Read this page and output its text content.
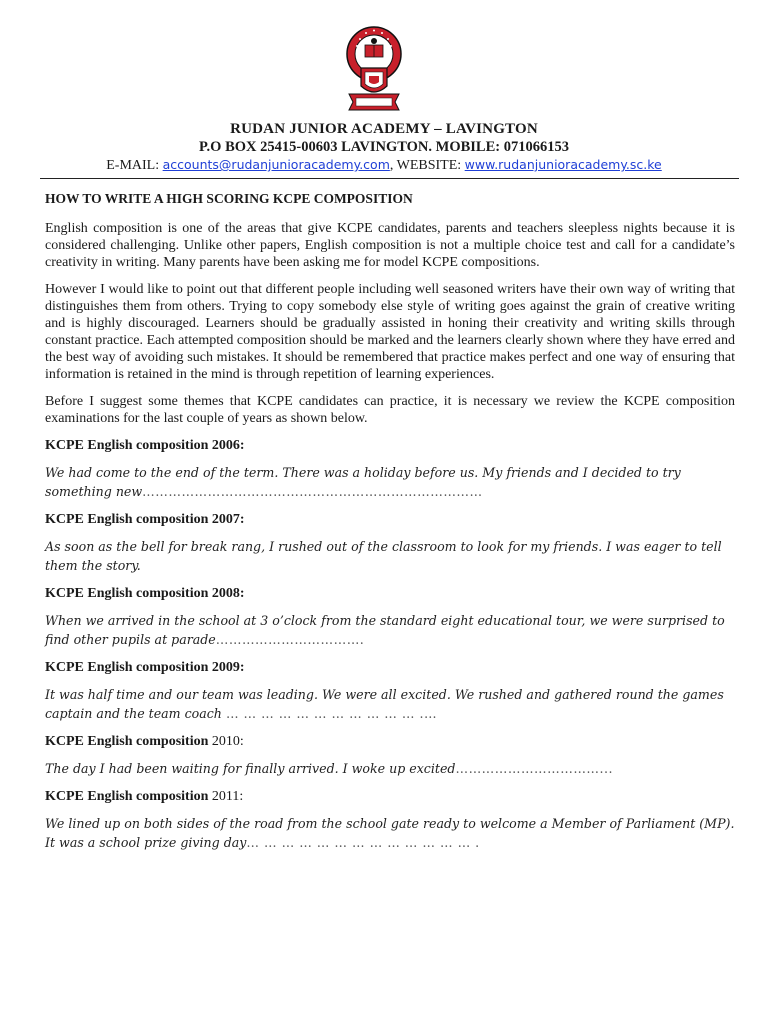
RUDAN JUNIOR ACADEMY – LAVINGTON
P.O BOX 25415-00603 LAVINGTON. MOBILE: 071066153
E-MAIL: accounts@rudanjunioracademy.com, WEBSITE: www.rudanjunioracademy.sc.ke

HOW TO WRITE A HIGH SCORING KCPE COMPOSITION

English composition is one of the areas that give KCPE candidates, parents and teachers sleepless nights because it is considered challenging. Unlike other papers, English composition is not a multiple choice test and call for a candidate’s creativity in writing. Many parents have been asking me for model KCPE compositions.

However I would like to point out that different people including well seasoned writers have their own way of writing that distinguishes them from others. Trying to copy somebody else style of writing goes against the grain of creative writing and is highly discouraged. Learners should be gradually assisted in honing their creativity and writing skills through constant practice. Each attempted composition should be marked and the learners clearly shown where they have erred and the best way of avoiding such mistakes. It should be remembered that practice makes perfect and one way of ensuring that information is retained in the mind is through repetition of learning experiences.

Before I suggest some themes that KCPE candidates can practice, it is necessary we review the KCPE composition examinations for the last couple of years as shown below.

KCPE English composition 2006:

We had come to the end of the term. There was a holiday before us. My friends and I decided to try something new……………………………………………………………………

KCPE English composition 2007:

As soon as the bell for break rang, I rushed out of the classroom to look for my friends. I was eager to tell them the story.

KCPE English composition 2008:

When we arrived in the school at 3 o’clock from the standard eight educational tour, we were surprised to find other pupils at parade…………………………….

KCPE English composition 2009:

It was half time and our team was leading. We were all excited. We rushed and gathered round the games captain and the team coach … … … … … … … … … … … .…

KCPE English composition 2010:

The day I had been waiting for finally arrived. I woke up excited……………………………...

KCPE English composition 2011:

We lined up on both sides of the road from the school gate ready to welcome a Member of Parliament (MP). It was a school prize giving day… … … … … … … … … … … … … .
